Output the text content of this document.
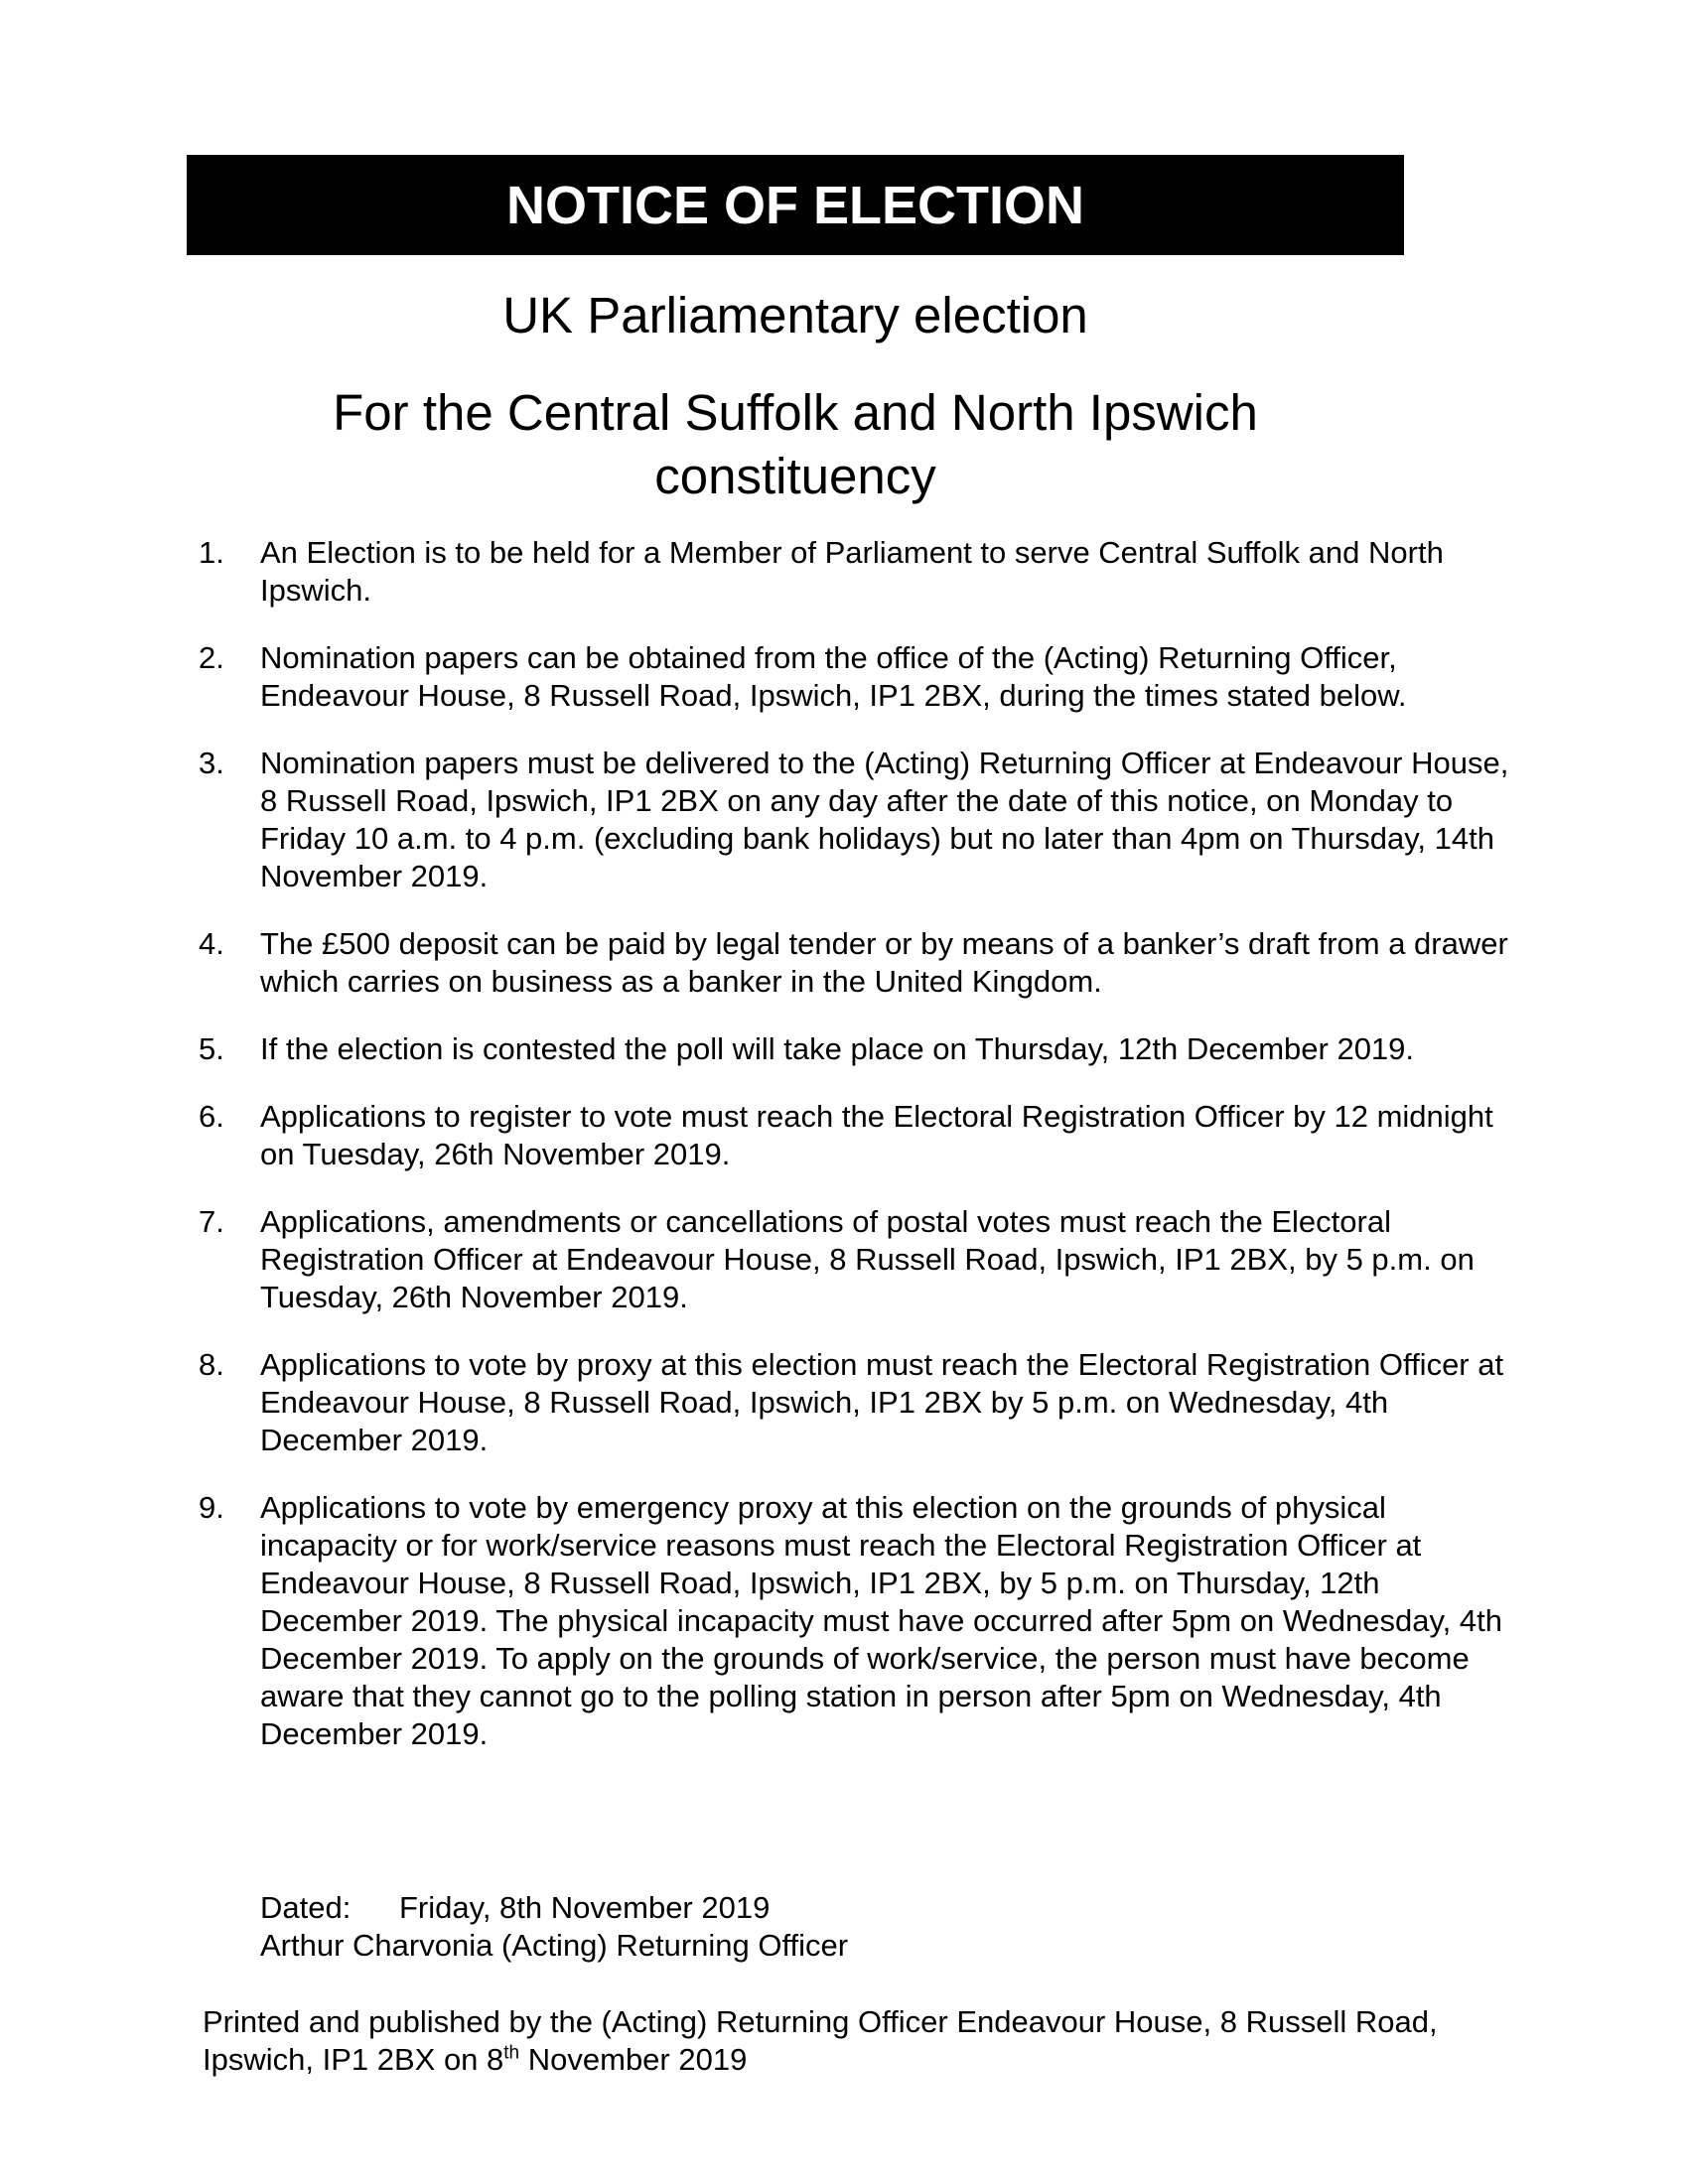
NOTICE OF ELECTION
UK Parliamentary election
For the Central Suffolk and North Ipswich
constituency
1. An Election is to be held for a Member of Parliament to serve Central Suffolk and North Ipswich.
2. Nomination papers can be obtained from the office of the (Acting) Returning Officer, Endeavour House, 8 Russell Road, Ipswich, IP1 2BX, during the times stated below.
3. Nomination papers must be delivered to the (Acting) Returning Officer at Endeavour House, 8 Russell Road, Ipswich, IP1 2BX on any day after the date of this notice, on Monday to Friday 10 a.m. to 4 p.m. (excluding bank holidays) but no later than 4pm on Thursday, 14th November 2019.
4. The £500 deposit can be paid by legal tender or by means of a banker’s draft from a drawer which carries on business as a banker in the United Kingdom.
5. If the election is contested the poll will take place on Thursday, 12th December 2019.
6. Applications to register to vote must reach the Electoral Registration Officer by 12 midnight on Tuesday, 26th November 2019.
7. Applications, amendments or cancellations of postal votes must reach the Electoral Registration Officer at Endeavour House, 8 Russell Road, Ipswich, IP1 2BX, by 5 p.m. on Tuesday, 26th November 2019.
8. Applications to vote by proxy at this election must reach the Electoral Registration Officer at Endeavour House, 8 Russell Road, Ipswich, IP1 2BX by 5 p.m. on Wednesday, 4th December 2019.
9. Applications to vote by emergency proxy at this election on the grounds of physical incapacity or for work/service reasons must reach the Electoral Registration Officer at Endeavour House, 8 Russell Road, Ipswich, IP1 2BX, by 5 p.m. on Thursday, 12th December 2019. The physical incapacity must have occurred after 5pm on Wednesday, 4th December 2019. To apply on the grounds of work/service, the person must have become aware that they cannot go to the polling station in person after 5pm on Wednesday, 4th December 2019.
Dated:	Friday, 8th November 2019
Arthur Charvonia (Acting) Returning Officer
Printed and published by the (Acting) Returning Officer Endeavour House, 8 Russell Road, Ipswich, IP1 2BX on 8th November 2019
